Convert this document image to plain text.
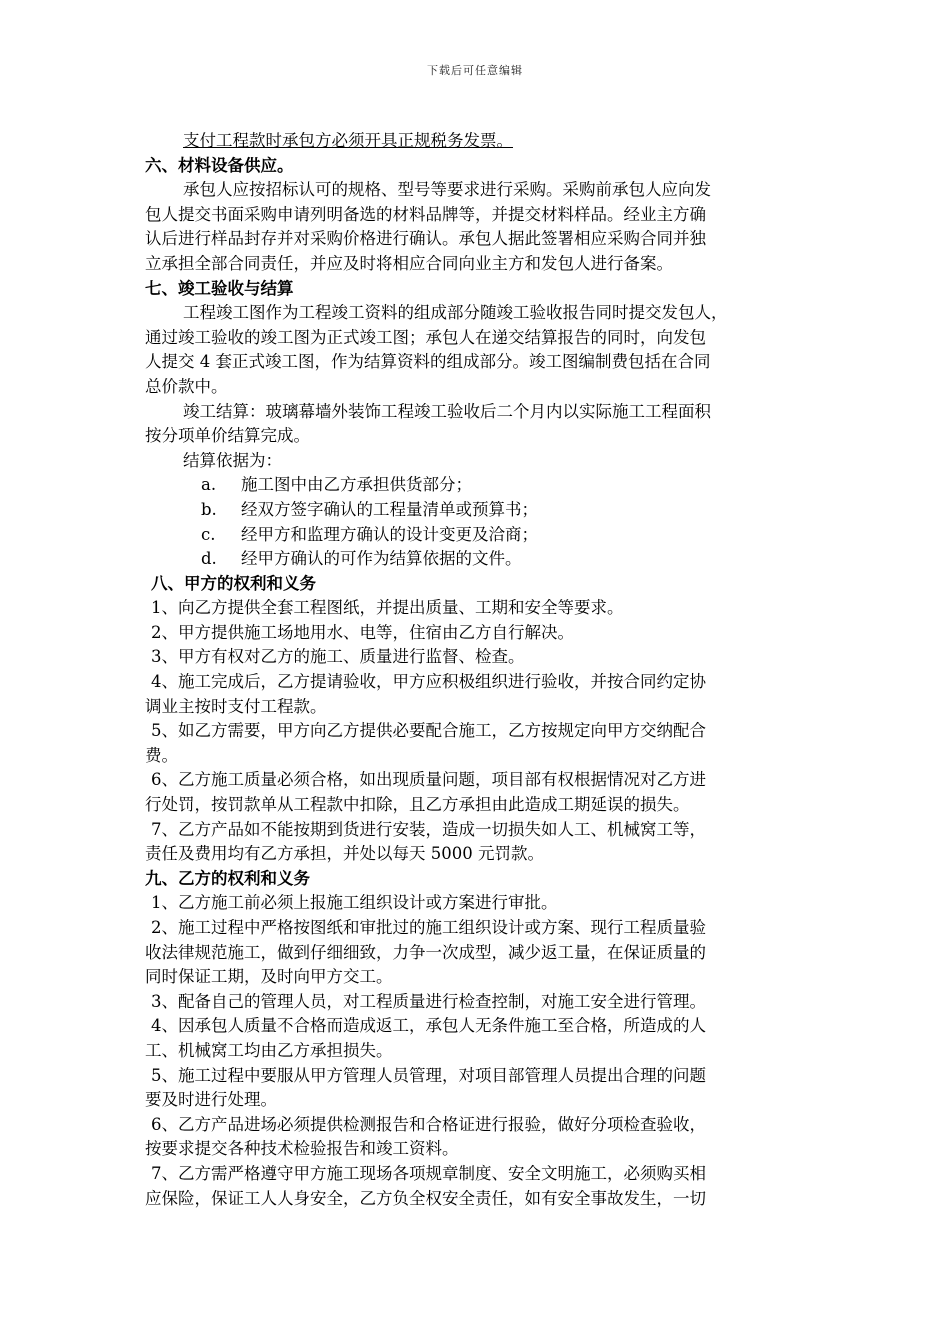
下载后可任意编辑
支付工程款时承包方必须开具正规税务发票。
六、材料设备供应。
承包人应按招标认可的规格、型号等要求进行采购。采购前承包人应向发
包人提交书面采购申请列明备选的材料品牌等，并提交材料样品。经业主方确
认后进行样品封存并对采购价格进行确认。承包人据此签署相应采购合同并独
立承担全部合同责任，并应及时将相应合同向业主方和发包人进行备案。
七、竣工验收与结算
工程竣工图作为工程竣工资料的组成部分随竣工验收报告同时提交发包人，
通过竣工验收的竣工图为正式竣工图；承包人在递交结算报告的同时，向发包
人提交 4 套正式竣工图，作为结算资料的组成部分。竣工图编制费包括在合同
总价款中。
竣工结算：玻璃幕墙外装饰工程竣工验收后二个月内以实际施工工程面积
按分项单价结算完成。
结算依据为：
a.	施工图中由乙方承担供货部分；
b.	经双方签字确认的工程量清单或预算书；
c.	经甲方和监理方确认的设计变更及洽商；
d.	经甲方确认的可作为结算依据的文件。
八、甲方的权利和义务
1、向乙方提供全套工程图纸，并提出质量、工期和安全等要求。
2、甲方提供施工场地用水、电等，住宿由乙方自行解决。
3、甲方有权对乙方的施工、质量进行监督、检查。
4、施工完成后，乙方提请验收，甲方应积极组织进行验收，并按合同约定协
调业主按时支付工程款。
5、如乙方需要，甲方向乙方提供必要配合施工，乙方按规定向甲方交纳配合
费。
6、乙方施工质量必须合格，如出现质量问题，项目部有权根据情况对乙方进
行处罚，按罚款单从工程款中扣除，且乙方承担由此造成工期延误的损失。
7、乙方产品如不能按期到货进行安装，造成一切损失如人工、机械窝工等，
责任及费用均有乙方承担，并处以每天 5000 元罚款。
九、乙方的权利和义务
1、乙方施工前必须上报施工组织设计或方案进行审批。
2、施工过程中严格按图纸和审批过的施工组织设计或方案、现行工程质量验
收法律规范施工，做到仔细细致，力争一次成型，减少返工量，在保证质量的
同时保证工期，及时向甲方交工。
3、配备自己的管理人员，对工程质量进行检查控制，对施工安全进行管理。
4、因承包人质量不合格而造成返工，承包人无条件施工至合格，所造成的人
工、机械窝工均由乙方承担损失。
5、施工过程中要服从甲方管理人员管理，对项目部管理人员提出合理的问题
要及时进行处理。
6、乙方产品进场必须提供检测报告和合格证进行报验，做好分项检查验收，
按要求提交各种技术检验报告和竣工资料。
7、乙方需严格遵守甲方施工现场各项规章制度、安全文明施工，必须购买相
应保险，保证工人人身安全，乙方负全权安全责任，如有安全事故发生，一切
